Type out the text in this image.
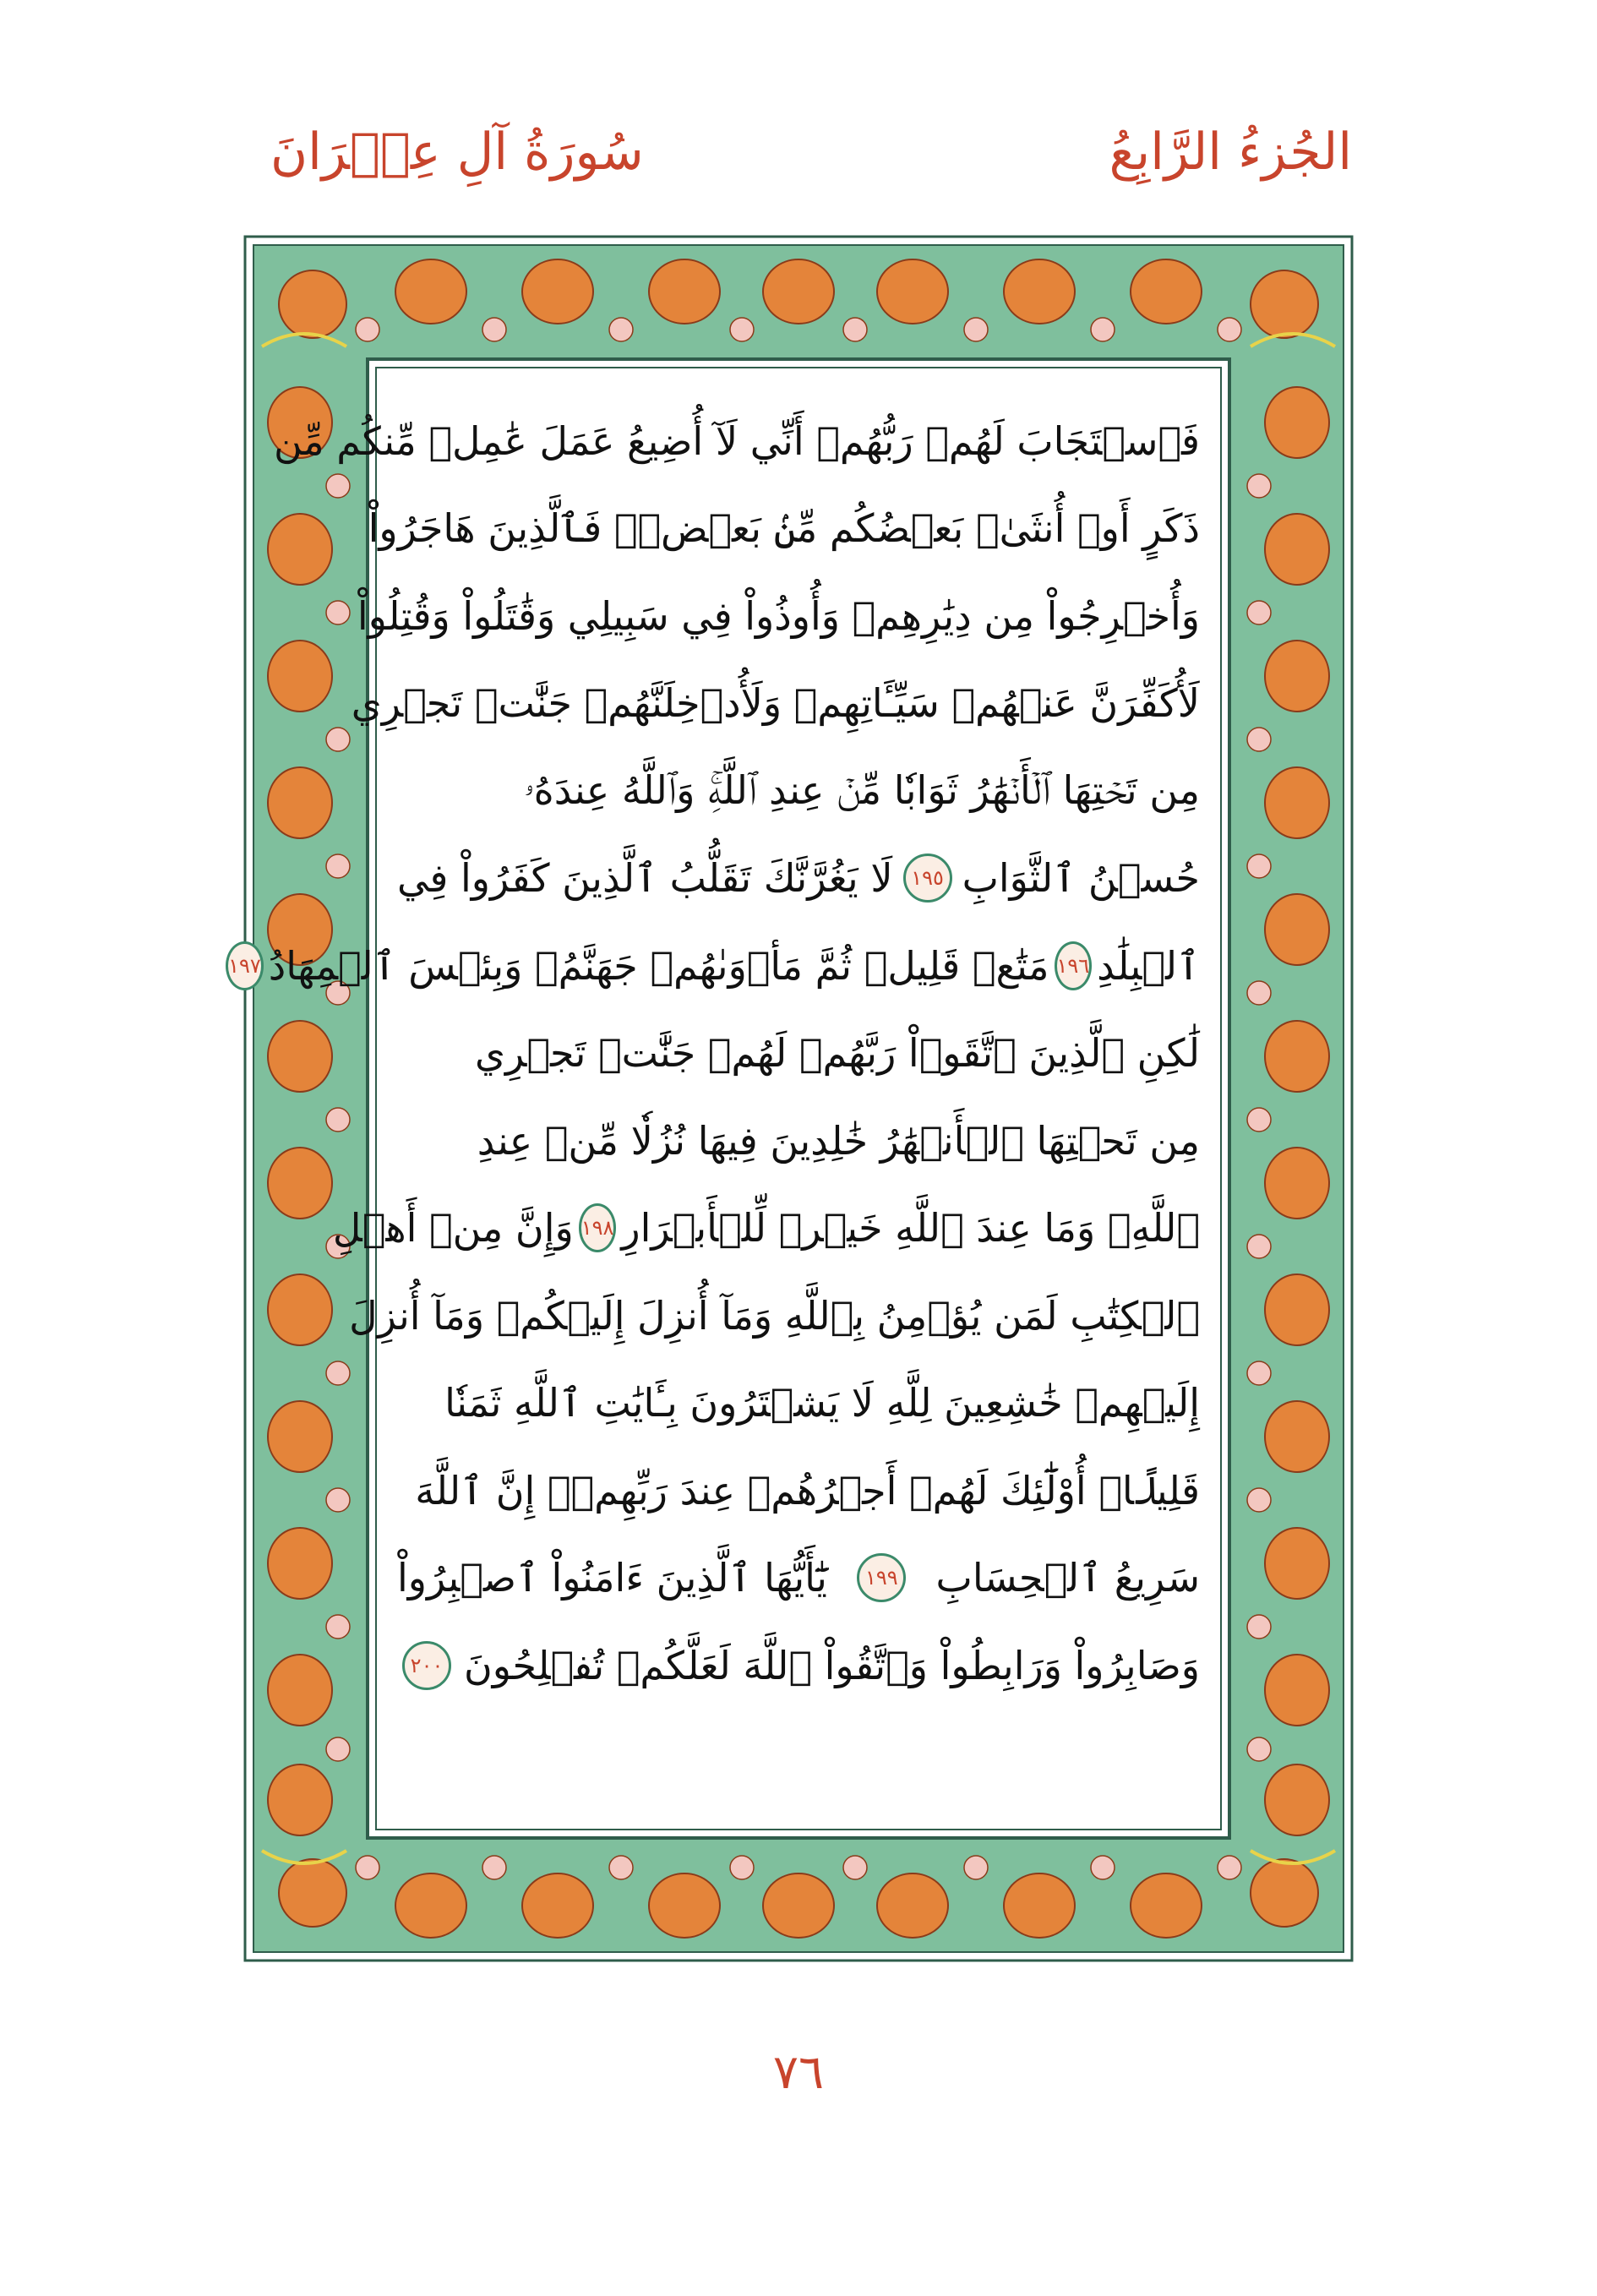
الجُزءُ الرَّابِعُ
سُورَةُ آلِ عِمۡرَانَ
فَٱسۡتَجَابَ لَهُمۡ رَبُّهُمۡ أَنِّي لَآ أُضِيعُ عَمَلَ عَٰمِلٖ مِّنكُم مِّن
ذَكَرٍ أَوۡ أُنثَىٰۖ بَعۡضُكُم مِّنۢ بَعۡضٖۖ فَٱلَّذِينَ هَاجَرُواْ
وَأُخۡرِجُواْ مِن دِيَٰرِهِمۡ وَأُوذُواْ فِي سَبِيلِي وَقَٰتَلُواْ وَقُتِلُواْ
لَأُكَفِّرَنَّ عَنۡهُمۡ سَيِّـَٔاتِهِمۡ وَلَأُدۡخِلَنَّهُمۡ جَنَّٰتٖ تَجۡرِي
مِن تَحۡتِهَا ٱلۡأَنۡهَٰرُ ثَوَابٗا مِّنۡ عِندِ ٱللَّهِۚ وَٱللَّهُ عِندَهُۥ
حُسۡنُ ٱلثَّوَابِ
١٩٥
لَا يَغُرَّنَّكَ تَقَلُّبُ ٱلَّذِينَ كَفَرُواْ فِي
ٱلۡبِلَٰدِ
١٩٦
مَتَٰعٞ قَلِيلٞ ثُمَّ مَأۡوَىٰهُمۡ جَهَنَّمُۖ وَبِئۡسَ ٱلۡمِهَادُ
١٩٧
لَٰكِنِ ٱلَّذِينَ ٱتَّقَوۡاْ رَبَّهُمۡ لَهُمۡ جَنَّٰتٞ تَجۡرِي
مِن تَحۡتِهَا ٱلۡأَنۡهَٰرُ خَٰلِدِينَ فِيهَا نُزُلٗا مِّنۡ عِندِ
ٱللَّهِۗ وَمَا عِندَ ٱللَّهِ خَيۡرٞ لِّلۡأَبۡرَارِ
١٩٨
وَإِنَّ مِنۡ أَهۡلِ
ٱلۡكِتَٰبِ لَمَن يُؤۡمِنُ بِٱللَّهِ وَمَآ أُنزِلَ إِلَيۡكُمۡ وَمَآ أُنزِلَ
إِلَيۡهِمۡ خَٰشِعِينَ لِلَّهِ لَا يَشۡتَرُونَ بِـَٔايَٰتِ ٱللَّهِ ثَمَنٗا
قَلِيلًاۚ أُوْلَٰٓئِكَ لَهُمۡ أَجۡرُهُمۡ عِندَ رَبِّهِمۡۗ إِنَّ ٱللَّهَ
سَرِيعُ ٱلۡحِسَابِ
١٩٩
يَٰٓأَيُّهَا ٱلَّذِينَ ءَامَنُواْ ٱصۡبِرُواْ
وَصَابِرُواْ وَرَابِطُواْ وَٱتَّقُواْ ٱللَّهَ لَعَلَّكُمۡ تُفۡلِحُونَ
٢٠٠
٧٦
